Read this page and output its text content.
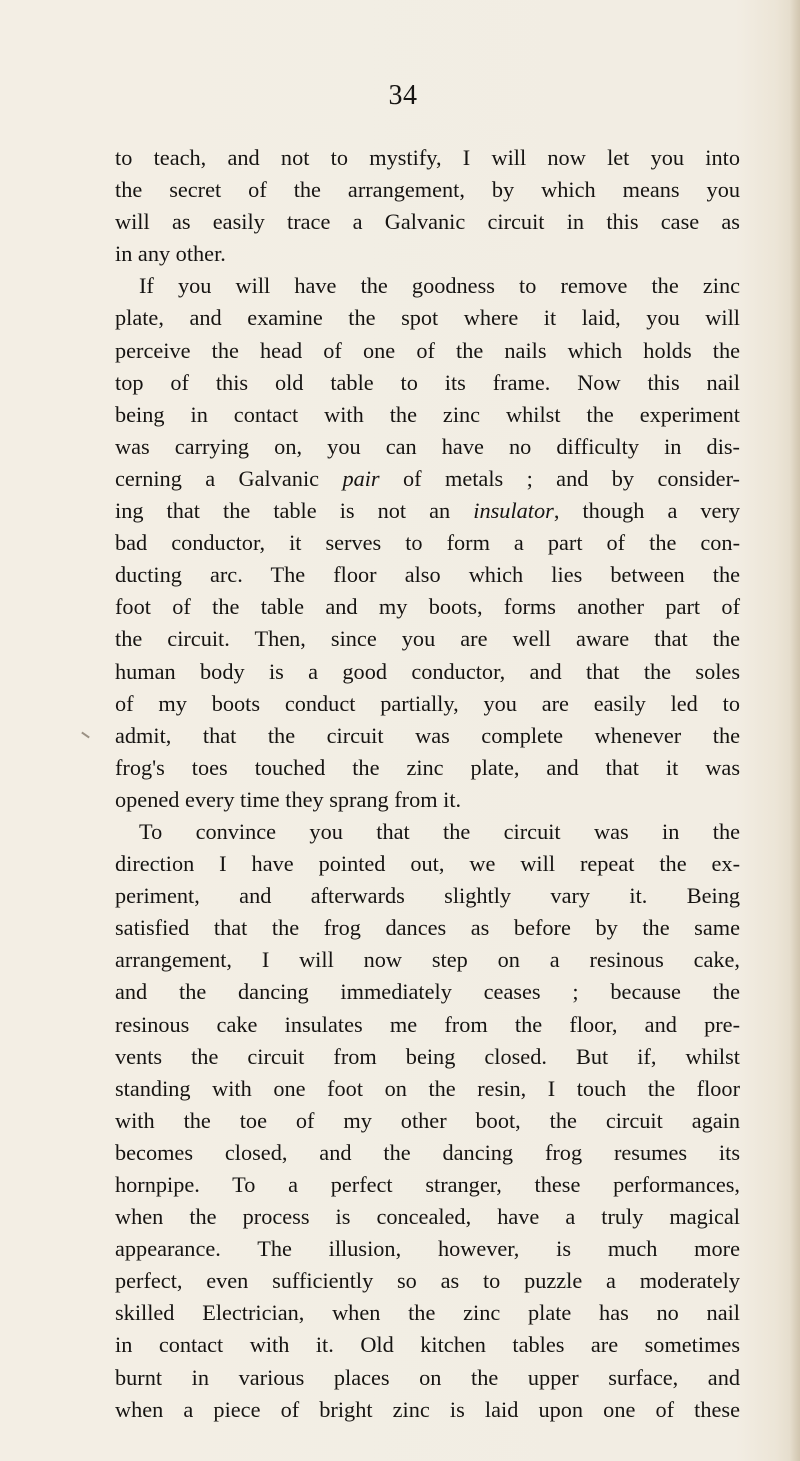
34
to teach, and not to mystify, I will now let you into
the secret of the arrangement, by which means you
will as easily trace a Galvanic circuit in this case as
in any other.
If you will have the goodness to remove the zinc
plate, and examine the spot where it laid, you will
perceive the head of one of the nails which holds the
top of this old table to its frame. Now this nail
being in contact with the zinc whilst the experiment
was carrying on, you can have no difficulty in dis-
cerning a Galvanic pair of metals ; and by consider-
ing that the table is not an insulator, though a very
bad conductor, it serves to form a part of the con-
ducting arc. The floor also which lies between the
foot of the table and my boots, forms another part of
the circuit. Then, since you are well aware that the
human body is a good conductor, and that the soles
of my boots conduct partially, you are easily led to
admit, that the circuit was complete whenever the
frog's toes touched the zinc plate, and that it was
opened every time they sprang from it.
To convince you that the circuit was in the
direction I have pointed out, we will repeat the ex-
periment, and afterwards slightly vary it. Being
satisfied that the frog dances as before by the same
arrangement, I will now step on a resinous cake,
and the dancing immediately ceases ; because the
resinous cake insulates me from the floor, and pre-
vents the circuit from being closed. But if, whilst
standing with one foot on the resin, I touch the floor
with the toe of my other boot, the circuit again
becomes closed, and the dancing frog resumes its
hornpipe. To a perfect stranger, these performances,
when the process is concealed, have a truly magical
appearance. The illusion, however, is much more
perfect, even sufficiently so as to puzzle a moderately
skilled Electrician, when the zinc plate has no nail
in contact with it. Old kitchen tables are sometimes
burnt in various places on the upper surface, and
when a piece of bright zinc is laid upon one of these
